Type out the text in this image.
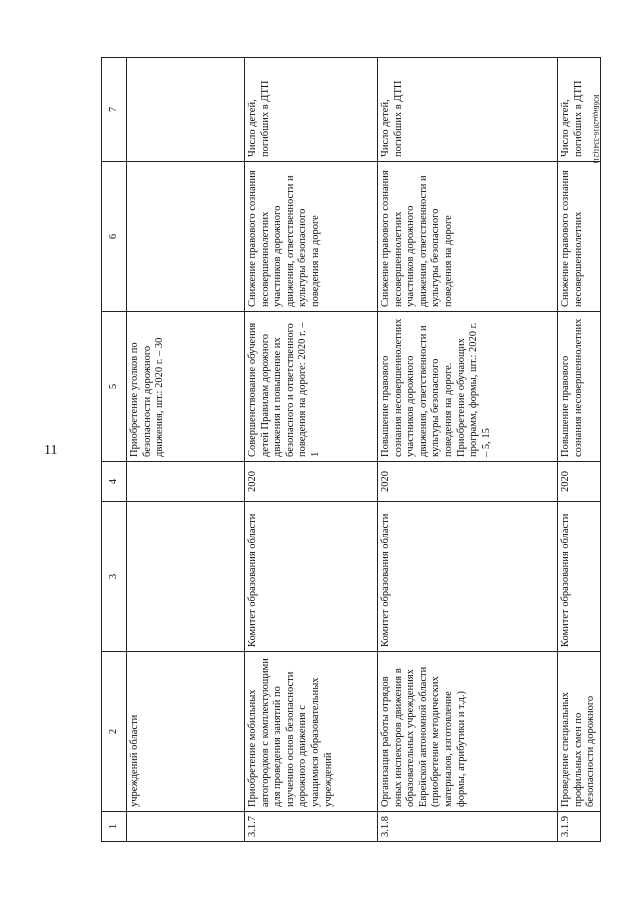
11
ЮбБиды2016-3341(21)
1	2	3	4	5	6	7
	учреждений области			Приобретение уголков по безопасности дорожного движения, шт.: 2020 г. – 30		
3.1.7	Приобретение мобильных автогородков с комплектующими для проведения занятий по изучению основ безопасности дорожного движения с учащимися образовательных учреждений	Комитет образования области	2020	Совершенствование обучения детей Правилам дорожного движения и повышение их безопасного и ответственного поведения на дороге: 2020 г. – 1	Снижение правового сознания несовершеннолетних участников дорожного движения, ответственности и культуры безопасного поведения на дороге	Число детей, погибших в ДТП
3.1.8	Организация работы отрядов юных инспекторов движения в образовательных учреждениях Еврейской автономной области (приобретение методических материалов, изготовление формы, атрибутики и т.д.)	Комитет образования области	2020	Повышение правового сознания несовершеннолетних участников дорожного движения, ответственности и культуры безопасного поведения на дороге. Приобретение обучающих программ, формы, шт.: 2020 г. – 5, 15	Снижение правового сознания несовершеннолетних участников дорожного движения, ответственности и культуры безопасного поведения на дороге	Число детей, погибших в ДТП
3.1.9	Проведение специальных профильных смен по безопасности дорожного	Комитет образования области	2020	Повышение правового сознания несовершеннолетних	Снижение правового сознания несовершеннолетних	Число детей, погибших в ДТП
